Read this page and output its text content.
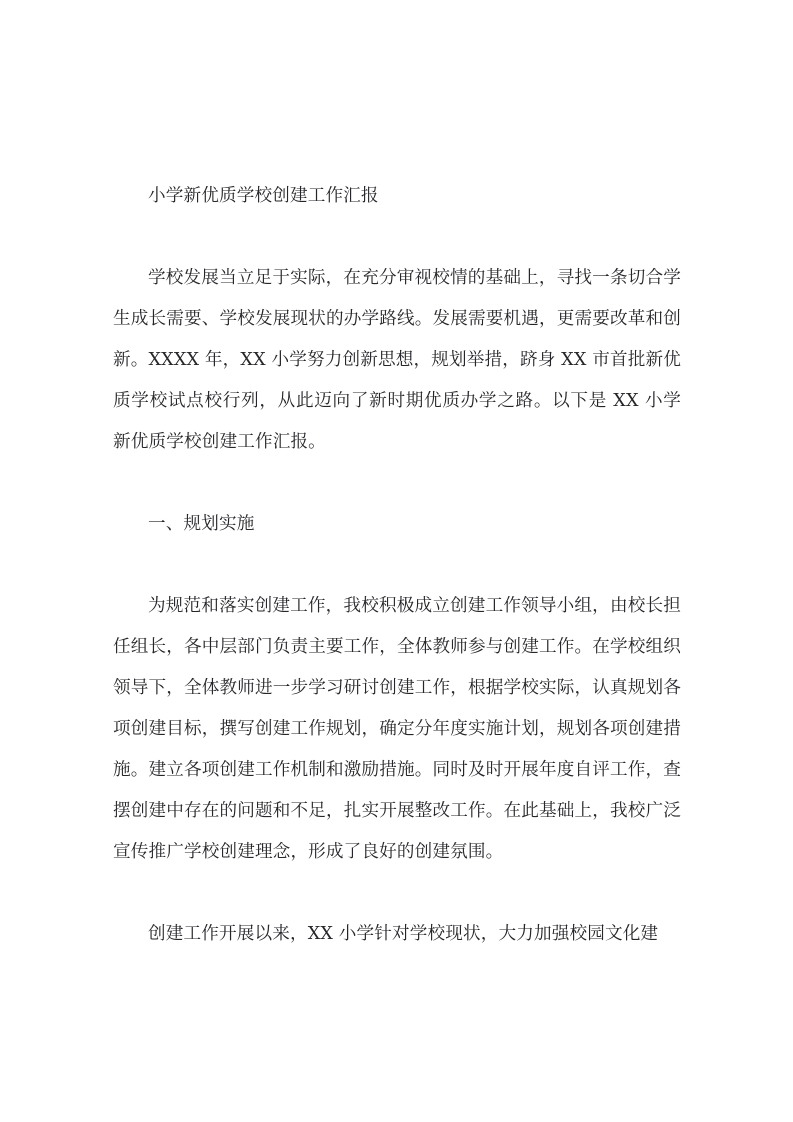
小学新优质学校创建工作汇报

学校发展当立足于实际，在充分审视校情的基础上，寻找一条切合学生成长需要、学校发展现状的办学路线。发展需要机遇，更需要改革和创新。XXXX 年，XX 小学努力创新思想，规划举措，跻身 XX 市首批新优质学校试点校行列，从此迈向了新时期优质办学之路。以下是 XX 小学新优质学校创建工作汇报。

一、规划实施

为规范和落实创建工作，我校积极成立创建工作领导小组，由校长担任组长，各中层部门负责主要工作，全体教师参与创建工作。在学校组织领导下，全体教师进一步学习研讨创建工作，根据学校实际，认真规划各项创建目标，撰写创建工作规划，确定分年度实施计划，规划各项创建措施。建立各项创建工作机制和激励措施。同时及时开展年度自评工作，查摆创建中存在的问题和不足，扎实开展整改工作。在此基础上，我校广泛宣传推广学校创建理念，形成了良好的创建氛围。

创建工作开展以来，XX 小学针对学校现状，大力加强校园文化建
